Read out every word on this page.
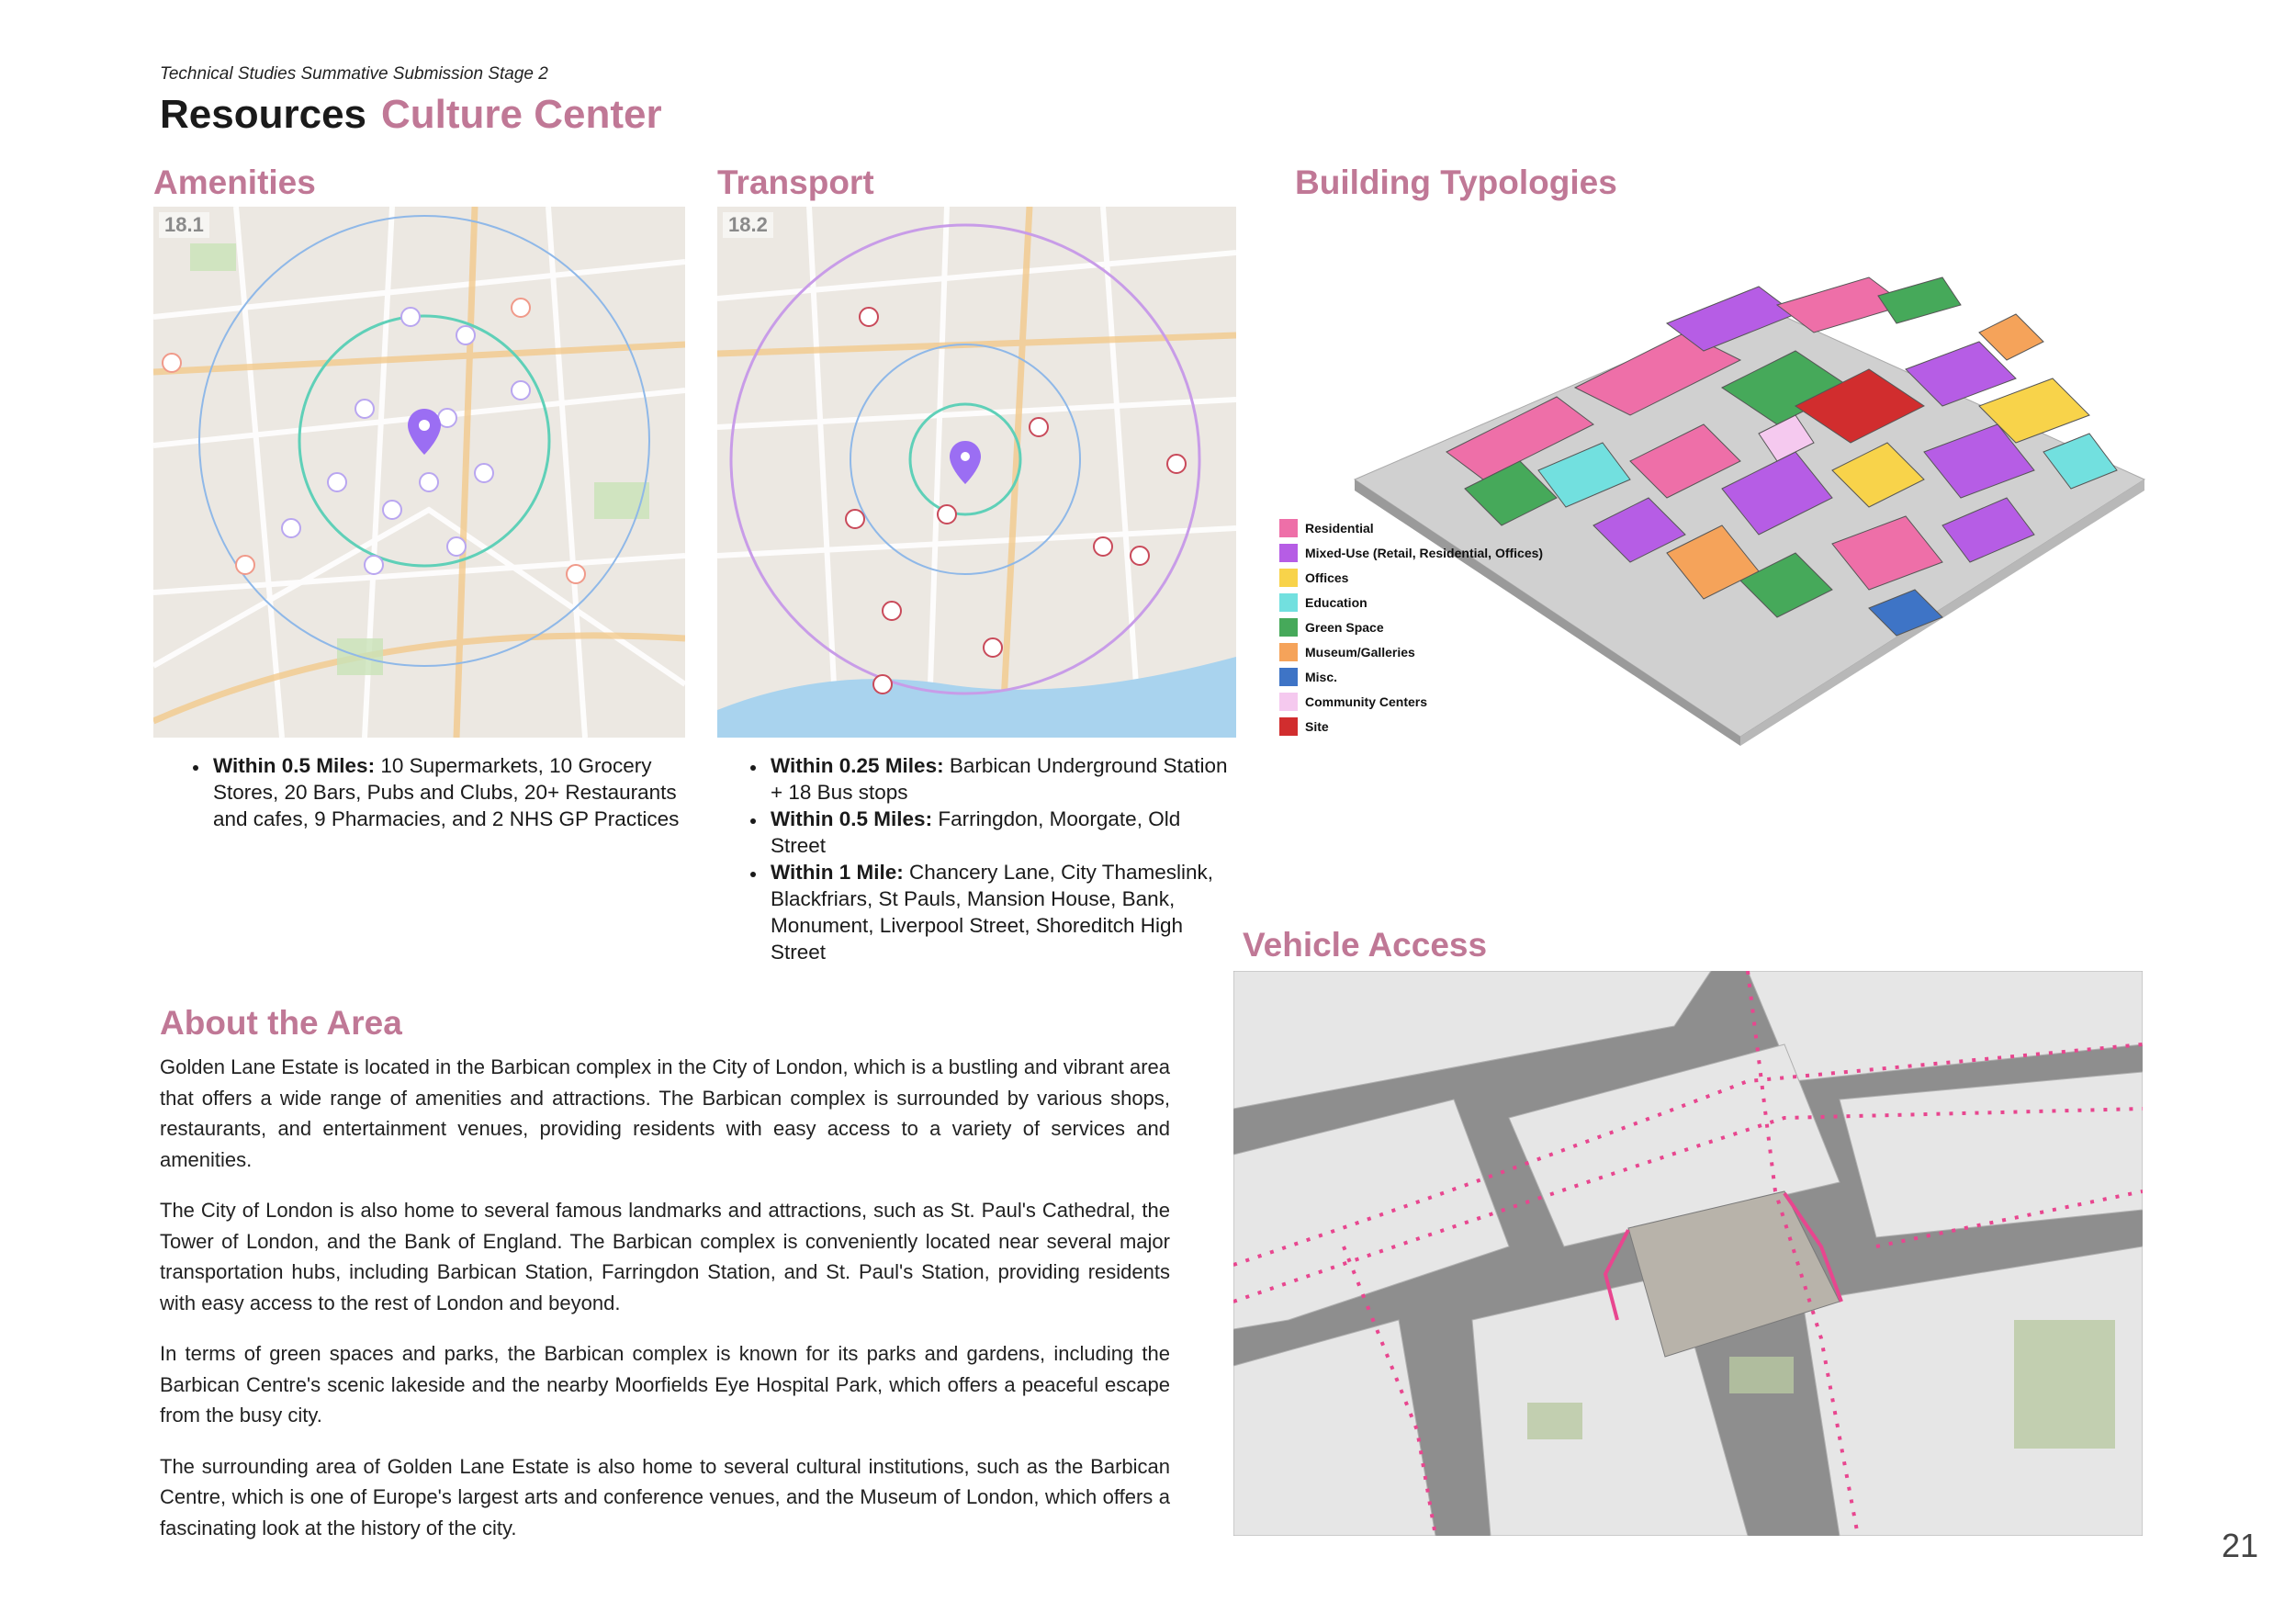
Technical Studies Summative Submission Stage 2
Resources Culture Center
Amenities
18.1
• Within 0.5 Miles: 10 Supermarkets, 10 Grocery Stores, 20 Bars, Pubs and Clubs, 20+ Restaurants and cafes, 9 Pharmacies, and 2 NHS GP Practices
Transport
18.2
• Within 0.25 Miles: Barbican Underground Station + 18 Bus stops
• Within 0.5 Miles: Farringdon, Moorgate, Old Street
• Within 1 Mile: Chancery Lane, City Thameslink, Blackfriars, St Pauls, Mansion House, Bank, Monument, Liverpool Street, Shoreditch High Street
Building Typologies
Residential
Mixed-Use (Retail, Residential, Offices)
Offices
Education
Green Space
Museum/Galleries
Misc.
Community Centers
Site
Vehicle Access
About the Area

Golden Lane Estate is located in the Barbican complex in the City of London, which is a bustling and vibrant area that offers a wide range of amenities and attractions. The Barbican complex is surrounded by various shops, restaurants, and entertainment venues, providing residents with easy access to a variety of services and amenities.

The City of London is also home to several famous landmarks and attractions, such as St. Paul's Cathedral, the Tower of London, and the Bank of England. The Barbican complex is conveniently located near several major transportation hubs, including Barbican Station, Farringdon Station, and St. Paul's Station, providing residents with easy access to the rest of London and beyond.

In terms of green spaces and parks, the Barbican complex is known for its parks and gardens, including the Barbican Centre's scenic lakeside and the nearby Moorfields Eye Hospital Park, which offers a peaceful escape from the busy city.

The surrounding area of Golden Lane Estate is also home to several cultural institutions, such as the Barbican Centre, which is one of Europe's largest arts and conference venues, and the Museum of London, which offers a fascinating look at the history of the city.	21
